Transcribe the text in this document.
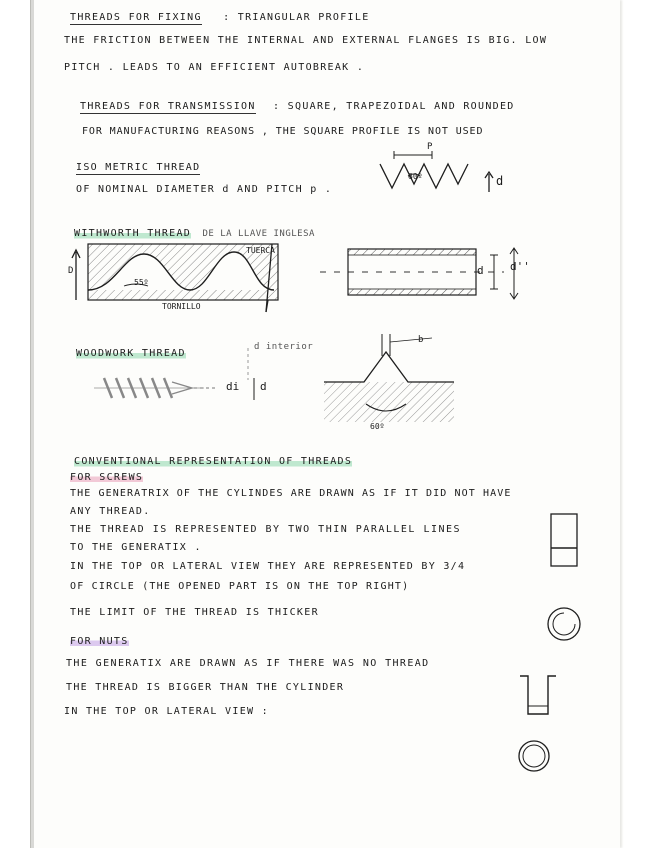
THREADS FOR FIXING : TRIANGULAR PROFILE
THE FRICTION BETWEEN THE INTERNAL AND EXTERNAL FLANGES IS BIG. LOW
PITCH . LEADS TO AN EFFICIENT AUTOBREAK .
THREADS FOR TRANSMISSION : SQUARE, TRAPEZOIDAL AND ROUNDED
FOR MANUFACTURING REASONS , THE SQUARE PROFILE IS NOT USED
ISO METRIC THREAD
OF NOMINAL DIAMETER d AND PITCH p .
P
60º	d
WITHWORTH THREAD DE LA LLAVE INGLESA
D
TUERCA
55º
TORNILLO
d d''
WOODWORK THREAD
d interior
di d
b
60º
CONVENTIONAL REPRESENTATION OF THREADS
FOR SCREWS
THE GENERATRIX OF THE CYLINDES ARE DRAWN AS IF IT DID NOT HAVE
ANY THREAD.
THE THREAD IS REPRESENTED BY TWO THIN PARALLEL LINES
TO THE GENERATIX .
IN THE TOP OR LATERAL VIEW THEY ARE REPRESENTED BY 3/4
OF CIRCLE (THE OPENED PART IS ON THE TOP RIGHT)
THE LIMIT OF THE THREAD IS THICKER
FOR NUTS
THE GENERATIX ARE DRAWN AS IF THERE WAS NO THREAD
THE THREAD IS BIGGER THAN THE CYLINDER
IN THE TOP OR LATERAL VIEW :
